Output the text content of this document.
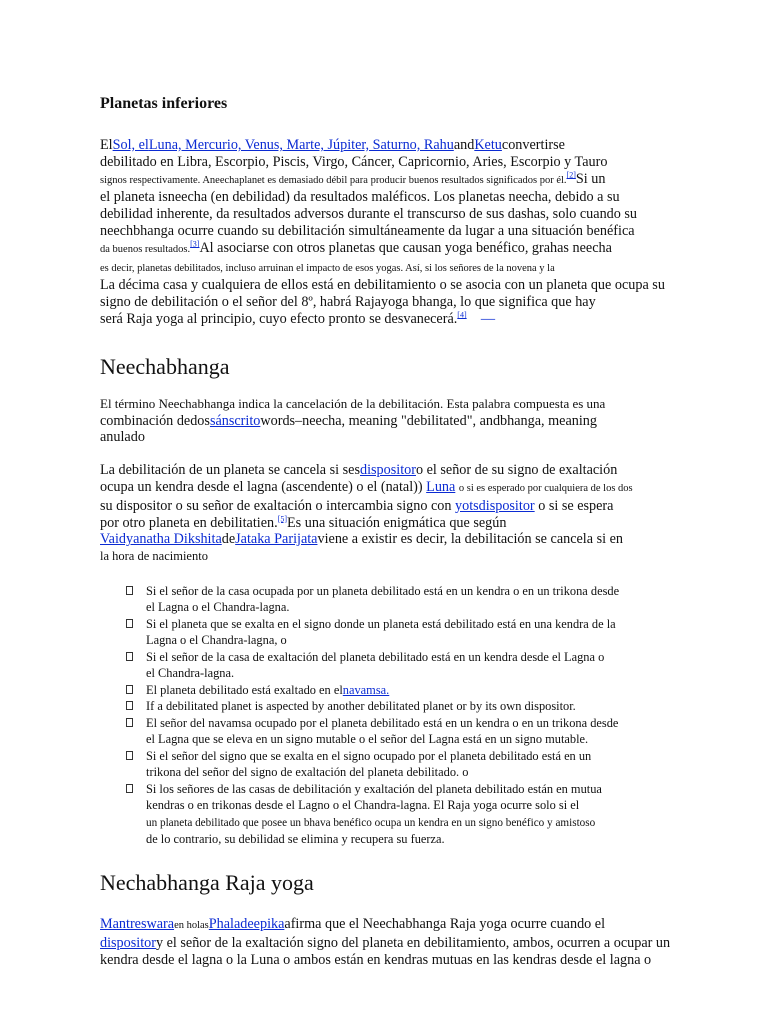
Planetas inferiores

ElSol, elLuna, Mercurio, Venus, Marte, Júpiter, Saturno, RahuandKetuconvertirse
debilitado en Libra, Escorpio, Piscis, Virgo, Cáncer, Capricornio, Aries, Escorpio y Tauro
signos respectivamente. Aneechaplanet es demasiado débil para producir buenos resultados significados por él.[2]Si un
el planeta isneecha (en debilidad) da resultados maléficos. Los planetas neecha, debido a su
debilidad inherente, da resultados adversos durante el transcurso de sus dashas, solo cuando su
neechbhanga ocurre cuando su debilitación simultáneamente da lugar a una situación benéfica
da buenos resultados.[3]Al asociarse con otros planetas que causan yoga benéfico, grahas neecha
es decir, planetas debilitados, incluso arruinan el impacto de esos yogas. Así, si los señores de la novena y la
La décima casa y cualquiera de ellos está en debilitamiento o se asocia con un planeta que ocupa su
signo de debilitación o el señor del 8º, habrá Rajayoga bhanga, lo que significa que hay
será Raja yoga al principio, cuyo efecto pronto se desvanecerá.[4] —

Neechabhanga

El término Neechabhanga indica la cancelación de la debilitación. Esta palabra compuesta es una
combinación dedossánscritowords–neecha, meaning "debilitated", andbhanga, meaning
anulado

La debilitación de un planeta se cancela si sesdispositoro el señor de su signo de exaltación
ocupa un kendra desde el lagna (ascendente) o el (natal)) Luna o si es esperado por cualquiera de los dos
su dispositor o su señor de exaltación o intercambia signo con yotsdispositor o si se espera
por otro planeta en debilitatien.[5]Es una situación enigmática que según
Vaidyanatha DikshitadeJataka Parijataviene a existir es decir, la debilitación se cancela si en
la hora de nacimiento

Si el señor de la casa ocupada por un planeta debilitado está en un kendra o en un trikona desde
el Lagna o el Chandra-lagna.
Si el planeta que se exalta en el signo donde un planeta está debilitado está en una kendra de la
Lagna o el Chandra-lagna, o
Si el señor de la casa de exaltación del planeta debilitado está en un kendra desde el Lagna o
el Chandra-lagna.
El planeta debilitado está exaltado en elnavamsa.
If a debilitated planet is aspected by another debilitated planet or by its own dispositor.
El señor del navamsa ocupado por el planeta debilitado está en un kendra o en un trikona desde
el Lagna que se eleva en un signo mutable o el señor del Lagna está en un signo mutable.
Si el señor del signo que se exalta en el signo ocupado por el planeta debilitado está en un
trikona del señor del signo de exaltación del planeta debilitado. o
Si los señores de las casas de debilitación y exaltación del planeta debilitado están en mutua
kendras o en trikonas desde el Lagno o el Chandra-lagna. El Raja yoga ocurre solo si el
un planeta debilitado que posee un bhava benéfico ocupa un kendra en un signo benéfico y amistoso
de lo contrario, su debilidad se elimina y recupera su fuerza.
Nechabhanga Raja yoga

Mantreswaraen holasPhaladeepikaafirma que el Neechabhanga Raja yoga ocurre cuando el
dispository el señor de la exaltación signo del planeta en debilitamiento, ambos, ocurren a ocupar un
kendra desde el lagna o la Luna o ambos están en kendras mutuas en las kendras desde el lagna o
